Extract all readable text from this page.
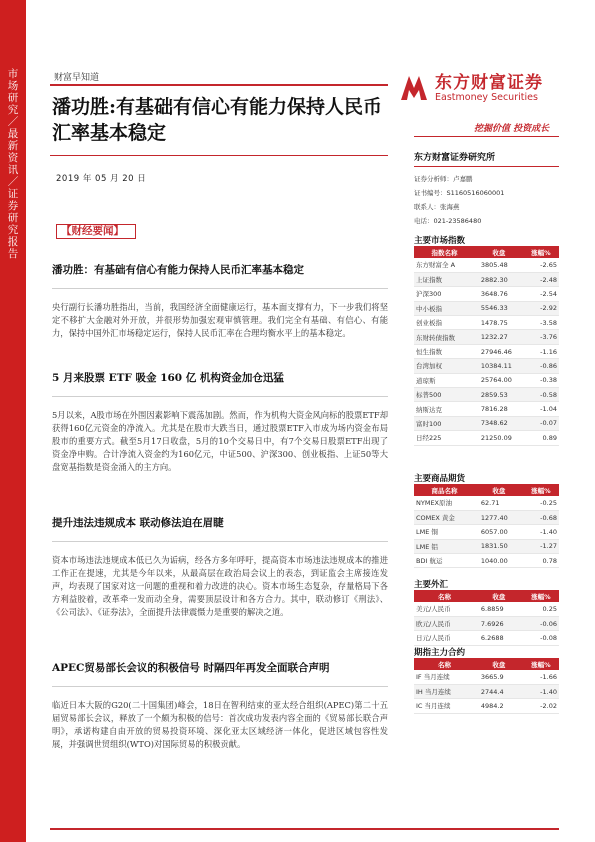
市场研究／最新资讯／证券研究报告
财富早知道
潘功胜:有基础有信心有能力保持人民币汇率基本稳定
2019 年 05 月 20 日
【财经要闻】
潘功胜：有基础有信心有能力保持人民币汇率基本稳定
央行副行长潘功胜指出，当前，我国经济全面健康运行，基本面支撑有力，下一步我们将坚定不移扩大金融对外开放，并很形势加强宏观审慎管理。我们完全有基础、有信心、有能力，保持中国外汇市场稳定运行，保持人民币汇率在合理均衡水平上的基本稳定。
5 月来股票 ETF 吸金 160 亿 机构资金加仓迅猛
5月以来，A股市场在外围因素影响下震荡加剧。然而，作为机构大资金风向标的股票ETF却获得160亿元资金的净流入。尤其是在股市大跌当日，通过股票ETF入市成为场内资金布局股市的重要方式。截至5月17日收盘，5月的10个交易日中，有7个交易日股票ETF出现了资金净申购。合计净流入资金约为160亿元，中证500、沪深300、创业板指、上证50等大盘宽基指数是资金涌入的主方向。
提升违法违规成本 联动修法迫在眉睫
资本市场违法违规成本低已久为诟病，经各方多年呼吁，提高资本市场违法违规成本的推进工作正在提速，尤其是今年以来，从最高层在政治局会议上的表态，到证监会主席接连发声，均表现了国家对这一问题的重视和着力改进的决心。资本市场生态复杂，存量格局下各方利益胶着，改革牵一发而动全身，需要顶层设计和各方合力。其中，联动修订《刑法》、《公司法》、《证券法》，全面提升法律震慑力是重要的解决之道。
APEC贸易部长会议的积极信号 时隔四年再发全面联合声明
临近日本大阪的G20(二十国集团)峰会，18日在智利结束的亚太经合组织(APEC)第二十五届贸易部长会议，释放了一个颇为积极的信号：首次成功发表内容全面的《贸易部长联合声明》，承诺构建自由开放的贸易投资环境、深化亚太区域经济一体化，促进区域包容性发展，并强调世贸组织(WTO)对国际贸易的积极贡献。
东方财富证券
Eastmoney Securities
挖掘价值 投资成长
东方财富证券研究所
证券分析师：卢嘉鹏
证书编号：S1160516060001
联系人：张海燕
电话：021-23586480
主要市场指数
指数名称	收盘	涨幅%
东方财富全 A	3805.48	-2.65
上证指数	2882.30	-2.48
沪深300	3648.76	-2.54
中小板指	5546.33	-2.92
创业板指	1478.75	-3.58
东财转债指数	1232.27	-3.76
恒生指数	27946.46	-1.16
台湾加权	10384.11	-0.86
道琼斯	25764.00	-0.38
标普500	2859.53	-0.58
纳斯达克	7816.28	-1.04
富时100	7348.62	-0.07
日经225	21250.09	0.89
主要商品期货
商品名称	收盘	涨幅%
NYMEX原油	62.71	-0.25
COMEX 黄金	1277.40	-0.68
LME 铜	6057.00	-1.40
LME 铝	1831.50	-1.27
BDI 航运	1040.00	0.78
主要外汇
名称	收盘	涨幅%
美元/人民币	6.8859	0.25
欧元/人民币	7.6926	-0.06
日元/人民币	6.2688	-0.08
期指主力合约
名称	收盘	涨幅%
IF 当月连续	3665.9	-1.66
IH 当月连续	2744.4	-1.40
IC 当月连续	4984.2	-2.02
